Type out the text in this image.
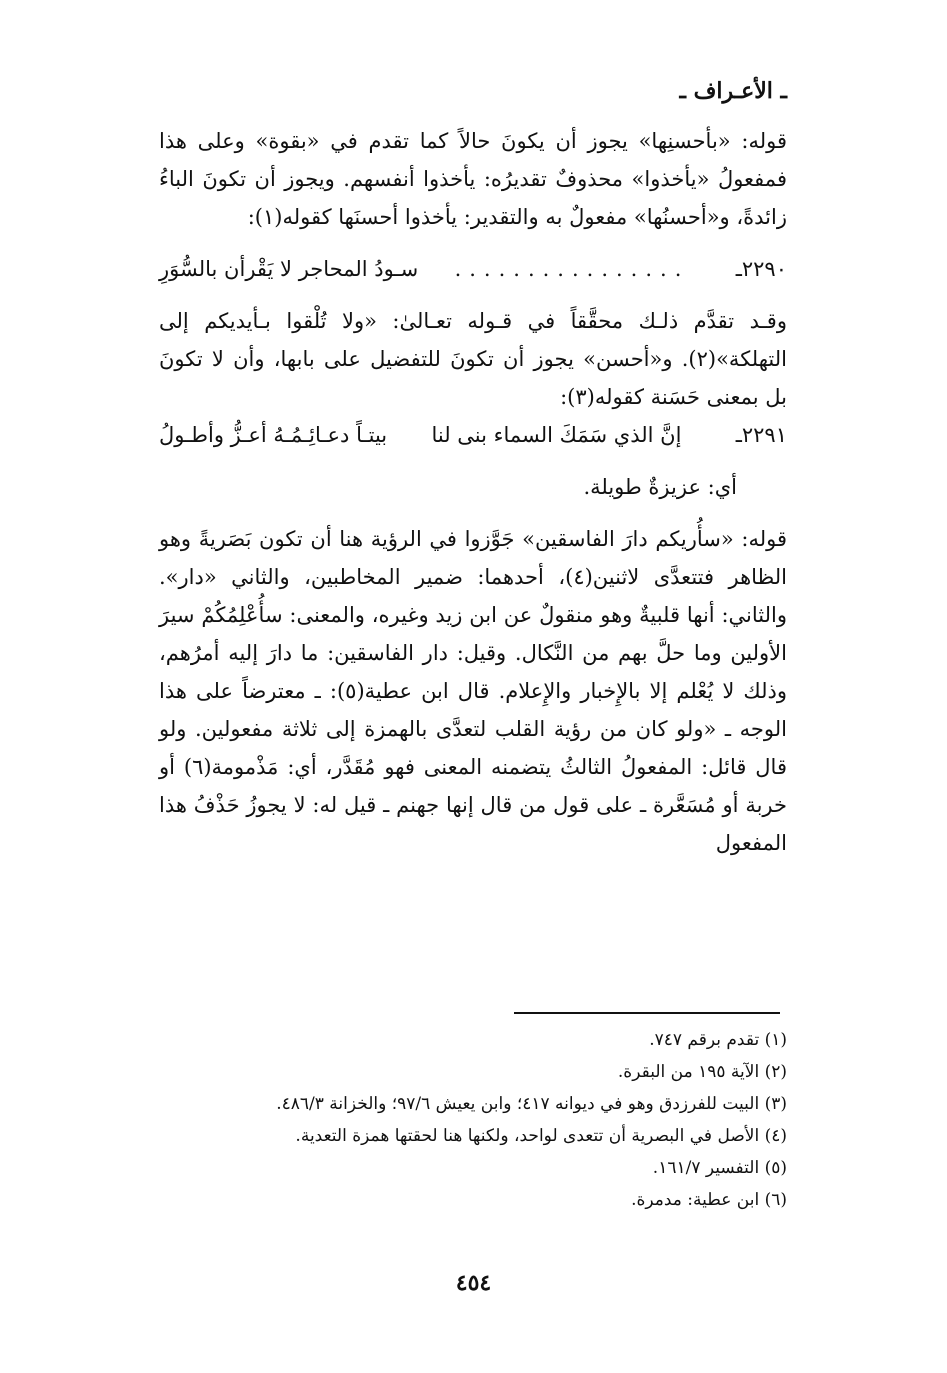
ـ الأعـراف ـ

قوله: «بأحسنِها» يجوز أن يكونَ حالاً كما تقدم في «بقوة» وعلى هذا فمفعولُ «يأخذوا» محذوفٌ تقديرُه: يأخذوا أنفسهم. ويجوز أن تكونَ الباءُ زائدةً، و«أحسنُها» مفعولٌ به والتقدير: يأخذوا أحسنَها كقوله(١):

٢٢٩٠ـ
................
سـودُ المحاجر لا يَقْرأن بالسُّوَرِ

وقـد تقدَّم ذلـك محقَّقاً في قـوله تعـالىٰ: «ولا تُلْقوا بـأيديكم إلى التهلكة»(٢). و«أحسن» يجوز أن تكونَ للتفضيل على بابها، وأن لا تكونَ بل بمعنى حَسَنة كقوله(٣):

٢٢٩١ـ
إنَّ الذي سَمَكَ السماء بنى لنا
بيتـاً دعـائِـمُـهُ أعـزُّ وأطـولُ

أي: عزيزةٌ طويلة.

قوله: «سأُريكم دارَ الفاسقين» جَوَّزوا في الرؤية هنا أن تكون بَصَريةً وهو الظاهر فتتعدَّى لاثنين(٤)، أحدهما: ضمير المخاطبين، والثاني «دار». والثاني: أنها قلبيةٌ وهو منقولٌ عن ابن زيد وغيره، والمعنى: سأُعْلِمُكُمْ سيرَ الأولين وما حلَّ بهم من النَّكال. وقيل: دار الفاسقين: ما دارَ إليه أمرُهم، وذلك لا يُعْلم إلا بالإِخبار والإِعلام. قال ابن عطية(٥): ـ معترضاً على هذا الوجه ـ «ولو كان من رؤية القلب لتعدَّى بالهمزة إلى ثلاثة مفعولين. ولو قال قائل: المفعولُ الثالثُ يتضمنه المعنى فهو مُقَدَّر، أي: مَذْمومة(٦) أو خربة أو مُسَعَّرة ـ على قول من قال إنها جهنم ـ قيل له: لا يجوزُ حَذْفُ هذا المفعول

(١) تقدم برقم ٧٤٧.

(٢) الآية ١٩٥ من البقرة.

(٣) البيت للفرزدق وهو في ديوانه ٤١٧؛ وابن يعيش ٩٧/٦؛ والخزانة ٤٨٦/٣.

(٤) الأصل في البصرية أن تتعدى لواحد، ولكنها هنا لحقتها همزة التعدية.

(٥) التفسير ١٦١/٧.

(٦) ابن عطية: مدمرة.

٤٥٤
